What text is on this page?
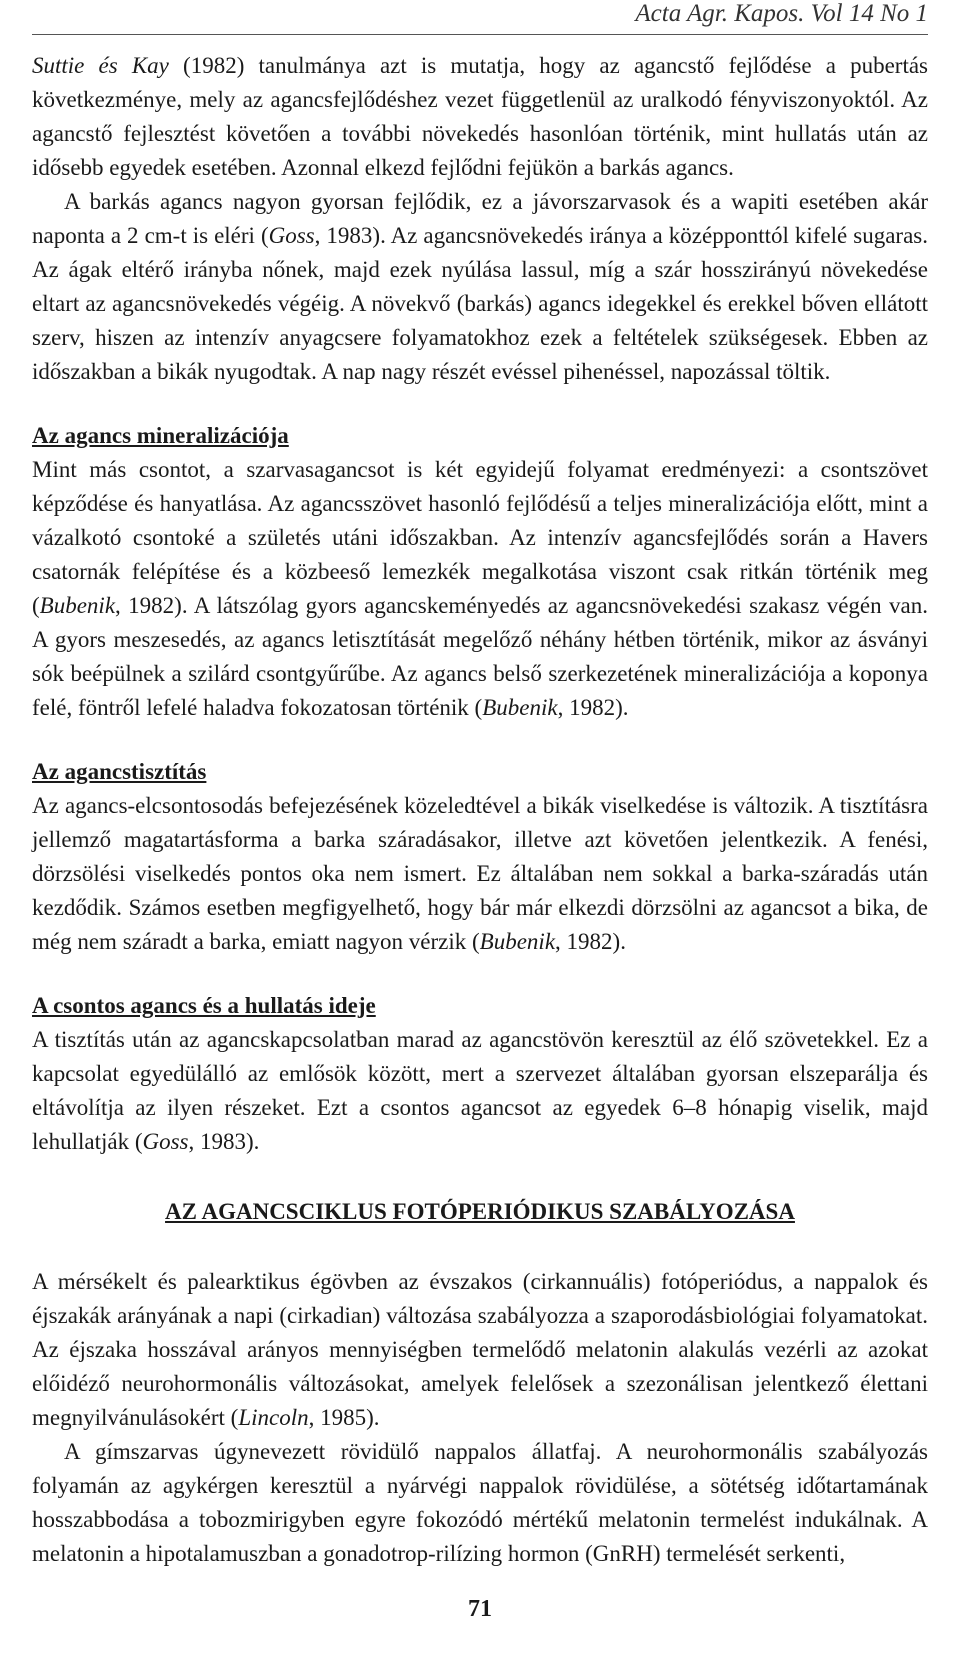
Acta Agr. Kapos. Vol 14 No 1

Suttie és Kay (1982) tanulmánya azt is mutatja, hogy az agancstő fejlődése a pubertás következménye, mely az agancsfejlődéshez vezet függetlenül az uralkodó fényviszonyoktól. Az agancstő fejlesztést követően a további növekedés hasonlóan történik, mint hullatás után az idősebb egyedek esetében. Azonnal elkezd fejlődni fejükön a barkás agancs.

A barkás agancs nagyon gyorsan fejlődik, ez a jávorszarvasok és a wapiti esetében akár naponta a 2 cm-t is eléri (Goss, 1983). Az agancsnövekedés iránya a középponttól kifelé sugaras. Az ágak eltérő irányba nőnek, majd ezek nyúlása lassul, míg a szár hosszirányú növekedése eltart az agancsnövekedés végéig. A növekvő (barkás) agancs idegekkel és erekkel bőven ellátott szerv, hiszen az intenzív anyagcsere folyamatokhoz ezek a feltételek szükségesek. Ebben az időszakban a bikák nyugodtak. A nap nagy részét evéssel pihenéssel, napozással töltik.

Az agancs mineralizációja

Mint más csontot, a szarvasagancsot is két egyidejű folyamat eredményezi: a csontszövet képződése és hanyatlása. Az agancsszövet hasonló fejlődésű a teljes mineralizációja előtt, mint a vázalkotó csontoké a születés utáni időszakban. Az intenzív agancsfejlődés során a Havers csatornák felépítése és a közbeeső lemezkék megalkotása viszont csak ritkán történik meg (Bubenik, 1982). A látszólag gyors agancskeményedés az agancsnövekedési szakasz végén van. A gyors meszesedés, az agancs letisztítását megelőző néhány hétben történik, mikor az ásványi sók beépülnek a szilárd csontgyűrűbe. Az agancs belső szerkezetének mineralizációja a koponya felé, föntről lefelé haladva fokozatosan történik (Bubenik, 1982).

Az agancstisztítás

Az agancs-elcsontosodás befejezésének közeledtével a bikák viselkedése is változik. A tisztításra jellemző magatartásforma a barka száradásakor, illetve azt követően jelentkezik. A fenési, dörzsölési viselkedés pontos oka nem ismert. Ez általában nem sokkal a barka-száradás után kezdődik. Számos esetben megfigyelhető, hogy bár már elkezdi dörzsölni az agancsot a bika, de még nem száradt a barka, emiatt nagyon vérzik (Bubenik, 1982).

A csontos agancs és a hullatás ideje

A tisztítás után az agancskapcsolatban marad az agancstövön keresztül az élő szövetekkel. Ez a kapcsolat egyedülálló az emlősök között, mert a szervezet általában gyorsan elszeparálja és eltávolítja az ilyen részeket. Ezt a csontos agancsot az egyedek 6–8 hónapig viselik, majd lehullatják (Goss, 1983).

AZ AGANCSCIKLUS FOTÓPERIÓDIKUS SZABÁLYOZÁSA

A mérsékelt és palearktikus égövben az évszakos (cirkannuális) fotóperiódus, a nappalok és éjszakák arányának a napi (cirkadian) változása szabályozza a szaporodásbiológiai folyamatokat. Az éjszaka hosszával arányos mennyiségben termelődő melatonin alakulás vezérli az azokat előidéző neurohormonális változásokat, amelyek felelősek a szezonálisan jelentkező élettani megnyilvánulásokért (Lincoln, 1985).

A gímszarvas úgynevezett rövidülő nappalos állatfaj. A neurohormonális szabályozás folyamán az agykérgen keresztül a nyárvégi nappalok rövidülése, a sötétség időtartamának hosszabbodása a tobozmirigyben egyre fokozódó mértékű melatonin termelést indukálnak. A melatonin a hipotalamuszban a gonadotrop-rilízing hormon (GnRH) termelését serkenti,

71
